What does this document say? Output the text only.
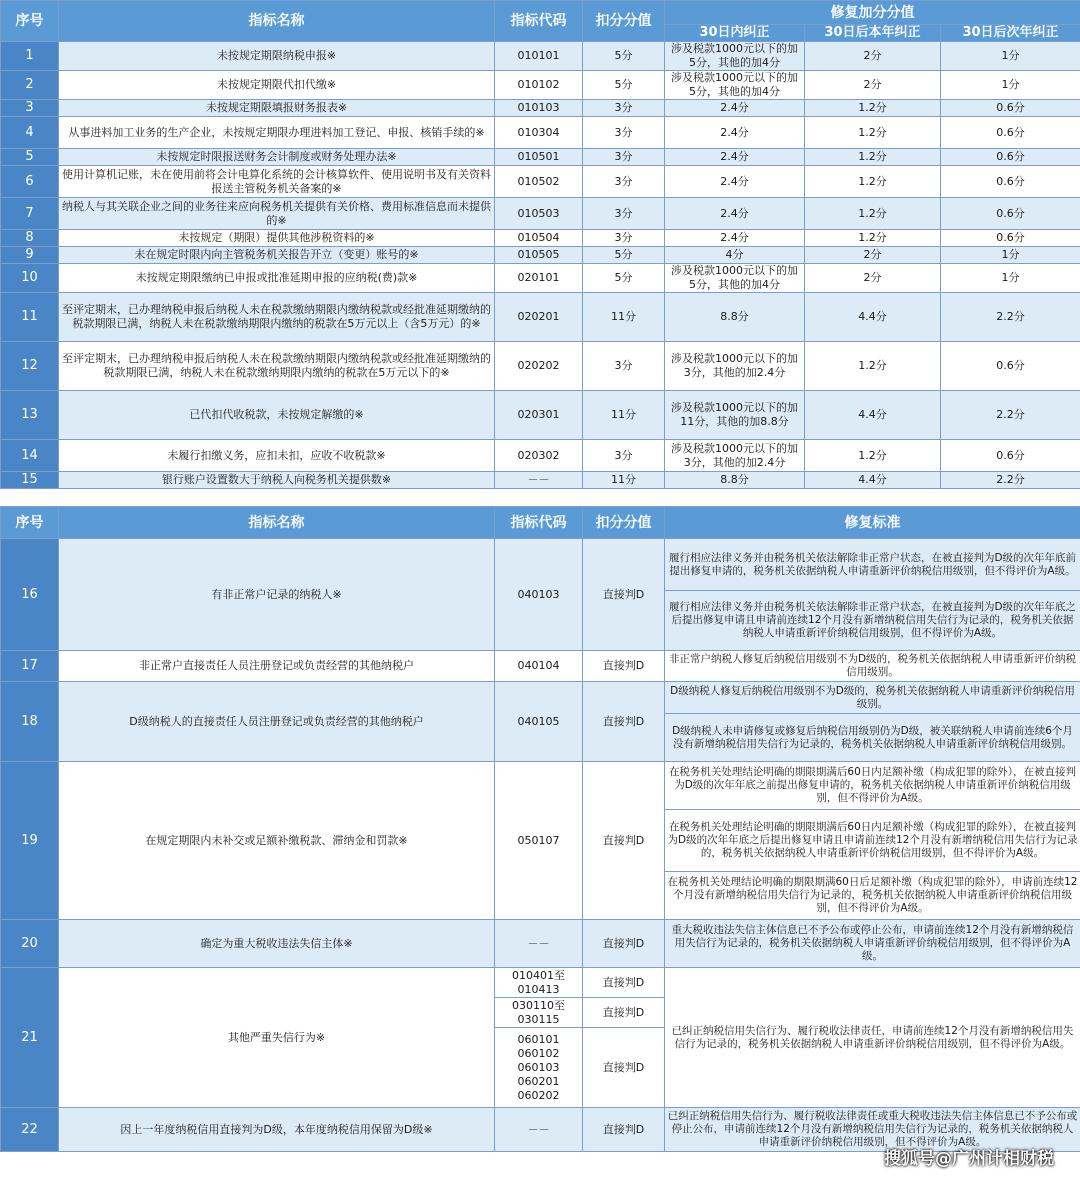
序号	指标名称	指标代码	扣分分值	修复加分分值		
				30日内纠正	30日后本年纠正	30日后次年纠正
1	未按规定期限纳税申报※	010101	5分	涉及税款1000元以下的加5分，其他的加4分	2分	1分
2	未按规定期限代扣代缴※	010102	5分	涉及税款1000元以下的加5分，其他的加4分	2分	1分
3	未按规定期限填报财务报表※	010103	3分	2.4分	1.2分	0.6分
4	从事进料加工业务的生产企业，未按规定期限办理进料加工登记、申报、核销手续的※	010304	3分	2.4分	1.2分	0.6分
5	未按规定时限报送财务会计制度或财务处理办法※	010501	3分	2.4分	1.2分	0.6分
6	使用计算机记账，未在使用前将会计电算化系统的会计核算软件、使用说明书及有关资料报送主管税务机关备案的※	010502	3分	2.4分	1.2分	0.6分
7	纳税人与其关联企业之间的业务往来应向税务机关提供有关价格、费用标准信息而未提供的※	010503	3分	2.4分	1.2分	0.6分
8	未按规定（期限）提供其他涉税资料的※	010504	3分	2.4分	1.2分	0.6分
9	未在规定时限内向主管税务机关报告开立（变更）账号的※	010505	5分	4分	2分	1分
10	未按规定期限缴纳已申报或批准延期申报的应纳税(费)款※	020101	5分	涉及税款1000元以下的加5分，其他的加4分	2分	1分
11	至评定期末，已办理纳税申报后纳税人未在税款缴纳期限内缴纳税款或经批准延期缴纳的税款期限已满，纳税人未在税款缴纳期限内缴纳的税款在5万元以上（含5万元）的※	020201	11分	8.8分	4.4分	2.2分
12	至评定期末，已办理纳税申报后纳税人未在税款缴纳期限内缴纳税款或经批准延期缴纳的税款期限已满，纳税人未在税款缴纳期限内缴纳的税款在5万元以下的※	020202	3分	涉及税款1000元以下的加3分，其他的加2.4分	1.2分	0.6分
13	已代扣代收税款，未按规定解缴的※	020301	11分	涉及税款1000元以下的加11分，其他的加8.8分	4.4分	2.2分
14	未履行扣缴义务，应扣未扣，应收不收税款※	020302	3分	涉及税款1000元以下的加3分，其他的加2.4分	1.2分	0.6分
15	银行账户设置数大于纳税人向税务机关提供数※	－－	11分	8.8分	4.4分	2.2分
序号	指标名称	指标代码	扣分分值	修复标准
16	有非正常户记录的纳税人※	040103	直接判D	履行相应法律义务并由税务机关依法解除非正常户状态，在被直接判为D级的次年年底前提出修复申请的，税务机关依据纳税人申请重新评价纳税信用级别，但不得评价为A级。
				履行相应法律义务并由税务机关依法解除非正常户状态，在被直接判为D级的次年年底之后提出修复申请且申请前连续12个月没有新增纳税信用失信行为记录的，税务机关依据纳税人申请重新评价纳税信用级别，但不得评价为A级。
17	非正常户直接责任人员注册登记或负责经营的其他纳税户	040104	直接判D	非正常户纳税人修复后纳税信用级别不为D级的，税务机关依据纳税人申请重新评价纳税信用级别。
18	D级纳税人的直接责任人员注册登记或负责经营的其他纳税户	040105	直接判D	D级纳税人修复后纳税信用级别不为D级的，税务机关依据纳税人申请重新评价纳税信用级别。
				D级纳税人未申请修复或修复后纳税信用级别仍为D级，被关联纳税人申请前连续6个月没有新增纳税信用失信行为记录的，税务机关依据纳税人申请重新评价纳税信用级别。
19	在规定期限内未补交或足额补缴税款、滞纳金和罚款※	050107	直接判D	在税务机关处理结论明确的期限期满后60日内足额补缴（构成犯罪的除外），在被直接判为D级的次年年底之前提出修复申请的，税务机关依据纳税人申请重新评价纳税信用级别，但不得评价为A级。
				在税务机关处理结论明确的期限期满后60日内足额补缴（构成犯罪的除外），在被直接判为D级的次年年底之后提出修复申请且申请前连续12个月没有新增纳税信用失信行为记录的，税务机关依据纳税人申请重新评价纳税信用级别，但不得评价为A级。
				在税务机关处理结论明确的期限期满60日后足额补缴（构成犯罪的除外），申请前连续12个月没有新增纳税信用失信行为记录的，税务机关依据纳税人申请重新评价纳税信用级别，但不得评价为A级。
20	确定为重大税收违法失信主体※	－－	直接判D	重大税收违法失信主体信息已不予公布或停止公布，申请前连续12个月没有新增纳税信用失信行为记录的，税务机关依据纳税人申请重新评价纳税信用级别，但不得评价为A级。
21	其他严重失信行为※	010401至010413	直接判D	已纠正纳税信用失信行为、履行税收法律责任，申请前连续12个月没有新增纳税信用失信行为记录的，税务机关依据纳税人申请重新评价纳税信用级别，但不得评价为A级。
		030110至030115	直接判D	
		060101 060102 060103 060201 060202	直接判D	
22	因上一年度纳税信用直接判为D级，本年度纳税信用保留为D级※	－－	直接判D	已纠正纳税信用失信行为、履行税收法律责任或重大税收违法失信主体信息已不予公布或停止公布，申请前连续12个月没有新增纳税信用失信行为记录的，税务机关依据纳税人申请重新评价纳税信用级别，但不得评价为A级。
搜狐号@广州计相财税
